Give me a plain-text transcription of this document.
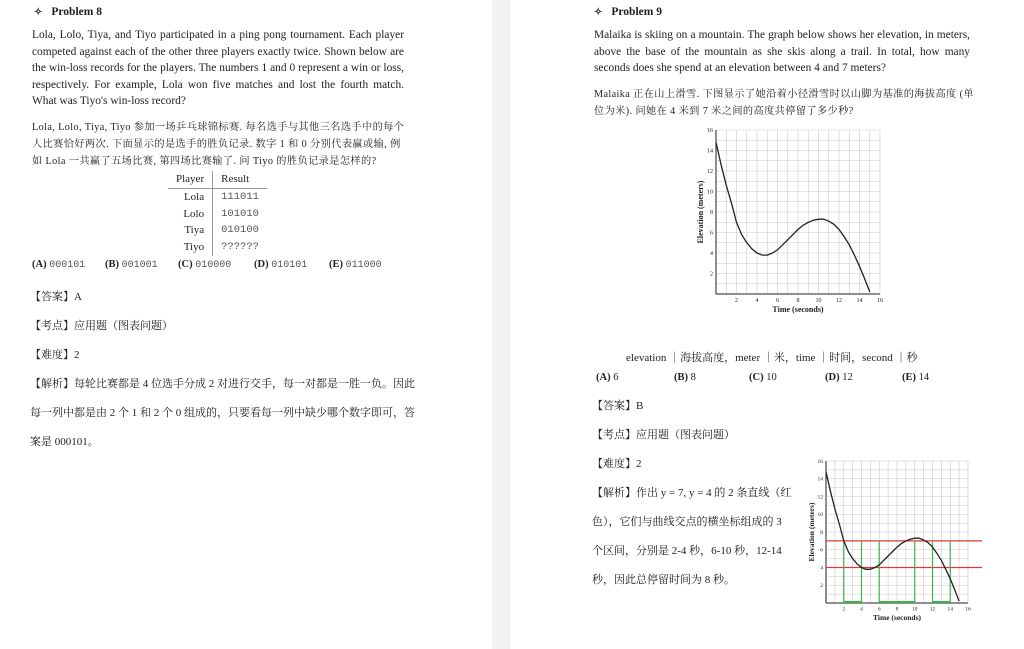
✧ Problem 8
Lola, Lolo, Tiya, and Tiyo participated in a ping pong tournament. Each player competed against each of the other three players exactly twice. Shown below are the win-loss records for the players. The numbers 1 and 0 represent a win or loss, respectively. For example, Lola won five matches and lost the fourth match. What was Tiyo's win-loss record?
Lola, Lolo, Tiya, Tiyo 参加一场乒乓球锦标赛. 每名选手与其他三名选手中的每个人比赛恰好两次. 下面显示的是选手的胜负记录. 数字 1 和 0 分别代表赢或输, 例如 Lola 一共赢了五场比赛, 第四场比赛输了. 问 Tiyo 的胜负记录是怎样的?
Player	Result
Lola	111011
Lolo	101010
Tiya	010100
Tiyo	??????
(A) 000101 (B) 001001 (C) 010000 (D) 010101 (E) 011000
【答案】A
【考点】应用题（图表问题）
【难度】2
【解析】每轮比赛都是 4 位选手分成 2 对进行交手，每一对都是一胜一负。因此
每一列中都是由 2 个 1 和 2 个 0 组成的，只要看每一列中缺少哪个数字即可，答
案是 000101。
✧ Problem 9
Malaika is skiing on a mountain. The graph below shows her elevation, in meters, above the base of the mountain as she skis along a trail. In total, how many seconds does she spend at an elevation between 4 and 7 meters?
Malaika 正在山上滑雪. 下图显示了她沿着小径滑雪时以山脚为基准的海拔高度 (单位为米). 问她在 4 米到 7 米之间的高度共停留了多少秒?
2	4	6	8	10 12 14 16
2
4
6
8
10
12
14
16
Time (seconds)
Elevation (meters)
elevation ｜海拔高度，meter ｜米，time ｜时间，second ｜秒
(A) 6	(B) 8	(C) 10	(D) 12	(E) 14
【答案】B
【考点】应用题（图表问题）
【难度】2
【解析】作出 y = 7, y = 4 的 2 条直线（红
色），它们与曲线交点的横坐标组成的 3
个区间，分别是 2-4 秒，6-10 秒，12-14
秒，因此总停留时间为 8 秒。
2	4	6	8 10 12 14 16
2
4
6
8
10
12
14
16
Time (seconds)
Elevation (meters)
